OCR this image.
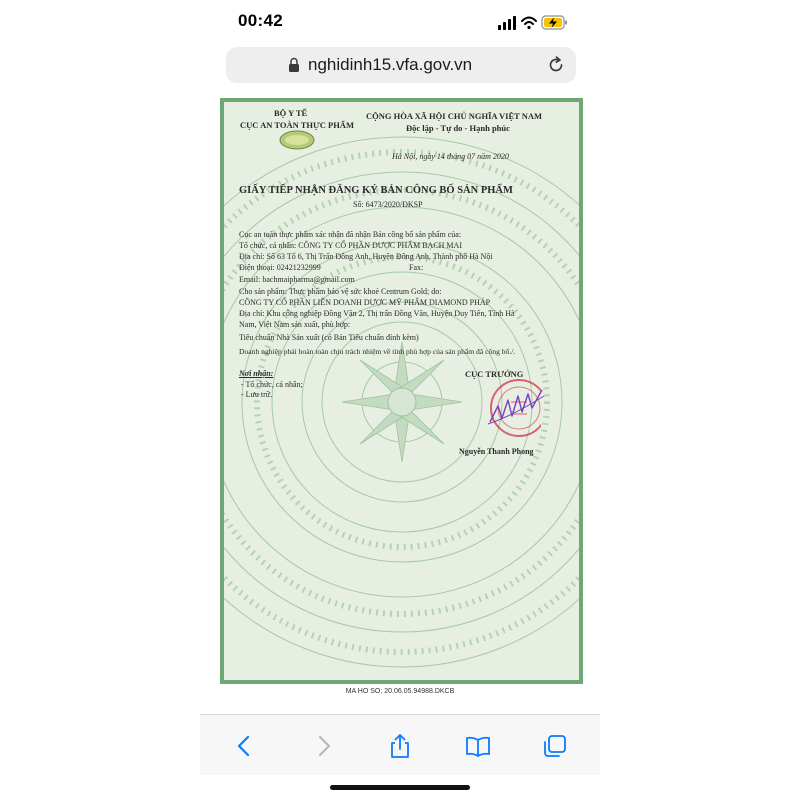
00:42
nghidinh15.vfa.gov.vn
BỘ Y TẾ
CỤC AN TOÀN THỰC PHẨM
CỘNG HÒA XÃ HỘI CHỦ NGHĨA VIỆT NAM
Độc lập - Tự do - Hạnh phúc
Hà Nội, ngày 14 tháng 07 năm 2020
GIẤY TIẾP NHẬN ĐĂNG KÝ BẢN CÔNG BỐ SẢN PHẨM
Số: 6473/2020/ĐKSP
Cục an toàn thực phẩm xác nhận đã nhận Bản công bố sản phẩm của:
Tổ chức, cá nhân: CÔNG TY CỔ PHẦN DƯỢC PHẨM BẠCH MAI
Địa chỉ: Số 63 Tổ 6, Thị Trấn Đông Anh, Huyện Đông Anh, Thành phố Hà Nội
Điện thoại: 02421232999	Fax:
Email: bachmaipharma@gmail.com
Cho sản phẩm: Thực phẩm bảo vệ sức khoẻ Centrum Gold; do:
CÔNG TY CỔ PHẦN LIÊN DOANH DƯỢC MỸ PHẨM DIAMOND PHÁP
Địa chỉ: Khu công nghiệp Đồng Văn 2, Thị trấn Đồng Văn, Huyện Duy Tiên, Tỉnh Hà
Nam, Việt Nam sản xuất, phù hợp:
Tiêu chuẩn Nhà Sản xuất (có Bản Tiêu chuẩn đính kèm)
Doanh nghiệp phải hoàn toàn chịu trách nhiệm về tính phù hợp của sản phẩm đã công bố./.
Nơi nhận:
- Tổ chức, cá nhân;
- Lưu trữ.
CỤC TRƯỞNG
Nguyễn Thanh Phong
MA HO SO: 20.06.05.94988.DKCB
